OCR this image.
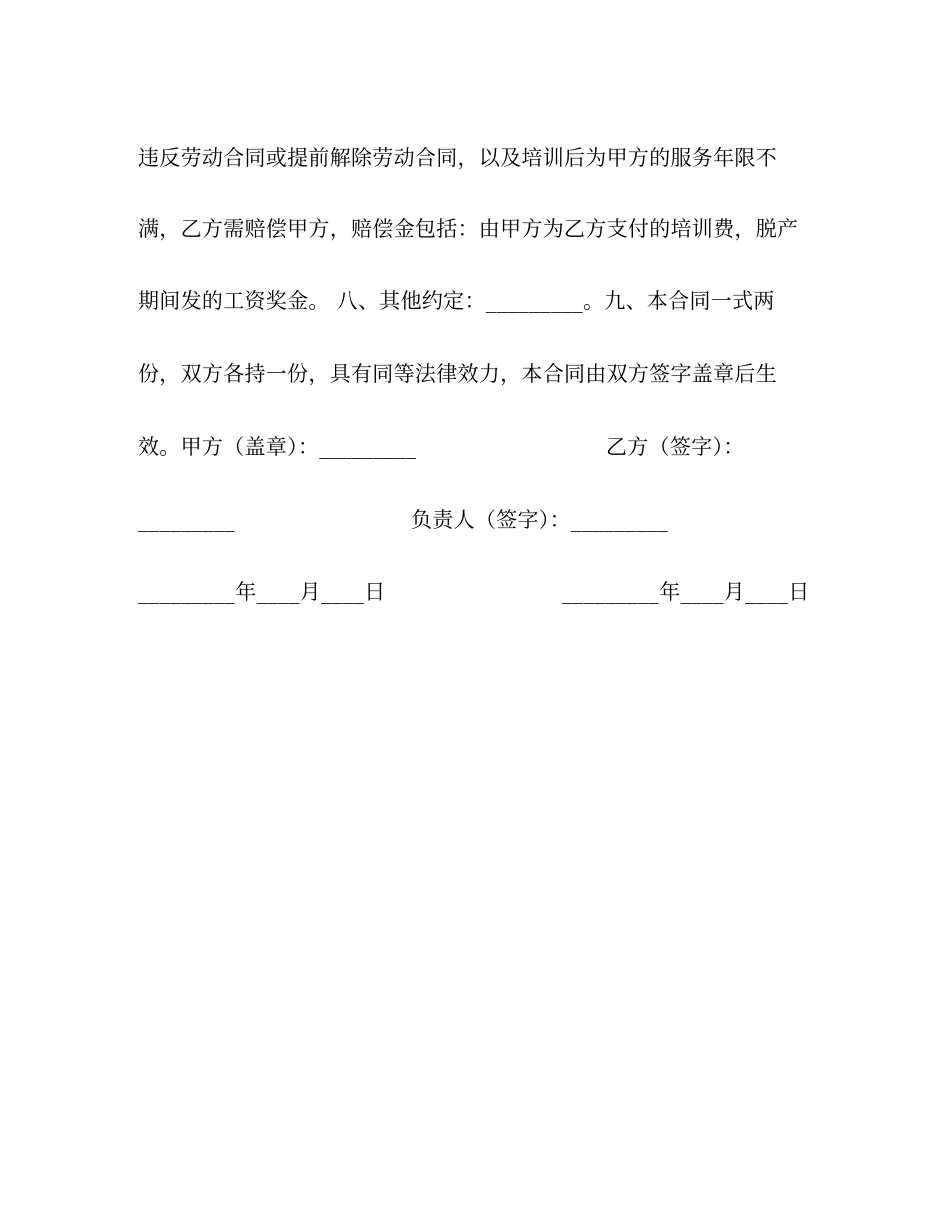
违反劳动合同或提前解除劳动合同，以及培训后为甲方的服务年限不
满，乙方需赔偿甲方，赔偿金包括：由甲方为乙方支付的培训费，脱产
期间发的工资奖金。 八、其他约定：_________。九、本合同一式两
份，双方各持一份，具有同等法律效力，本合同由双方签字盖章后生
效。甲方（盖章）：_________	乙方（签字）：
_________	负责人（签字）：_________
_________年____月____日	_________年____月____日
